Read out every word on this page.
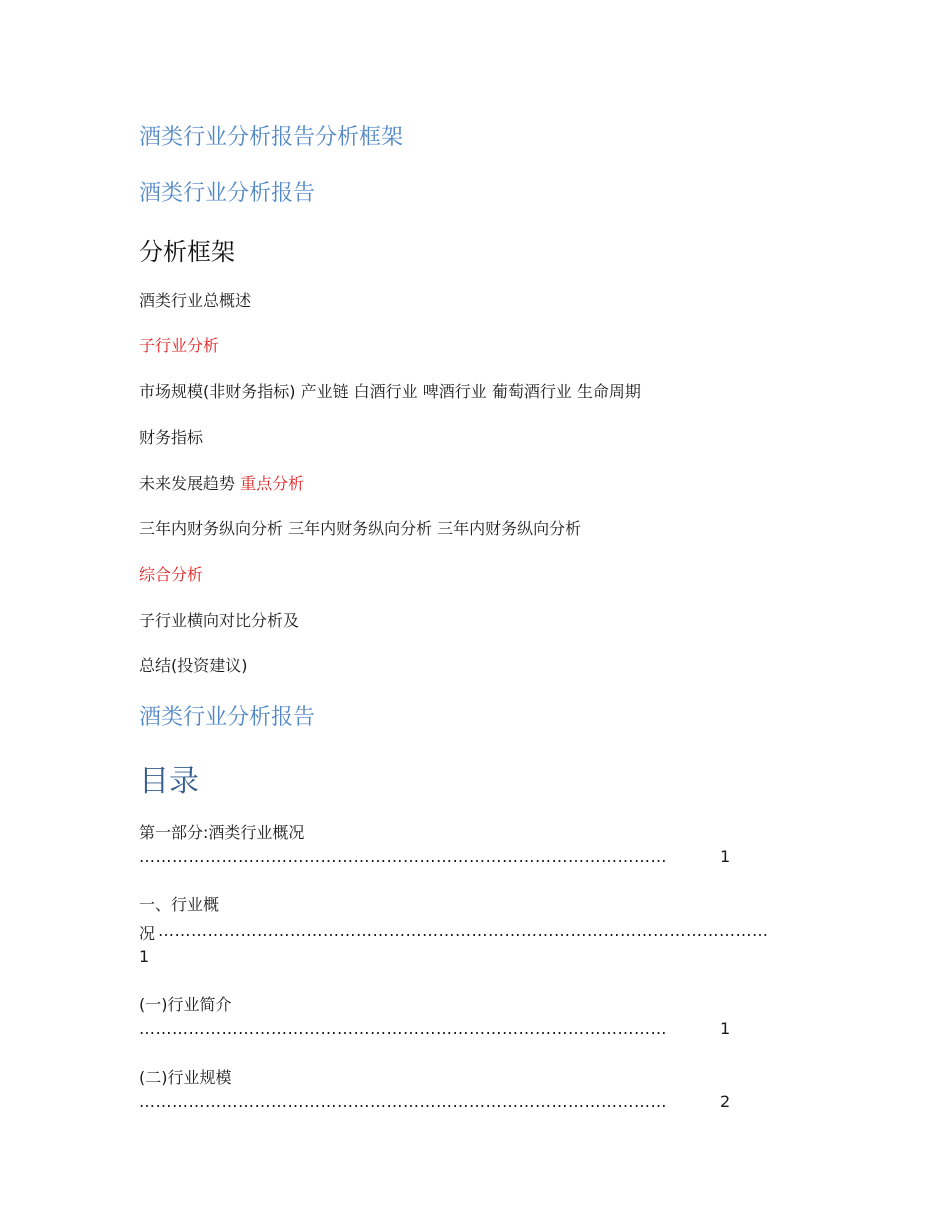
酒类行业分析报告分析框架
酒类行业分析报告
分析框架
酒类行业总概述
子行业分析
市场规模(非财务指标) 产业链 白酒行业 啤酒行业 葡萄酒行业 生命周期
财务指标
未来发展趋势 重点分析
三年内财务纵向分析 三年内财务纵向分析 三年内财务纵向分析
综合分析
子行业横向对比分析及
总结(投资建议)
酒类行业分析报告
目录
第一部分:酒类行业概况
……………………………………………………………………………………	1
一、行业概
况 …………………………………………………………………………………………………
1
(一)行业简介
……………………………………………………………………………………	1
(二)行业规模
……………………………………………………………………………………	2
